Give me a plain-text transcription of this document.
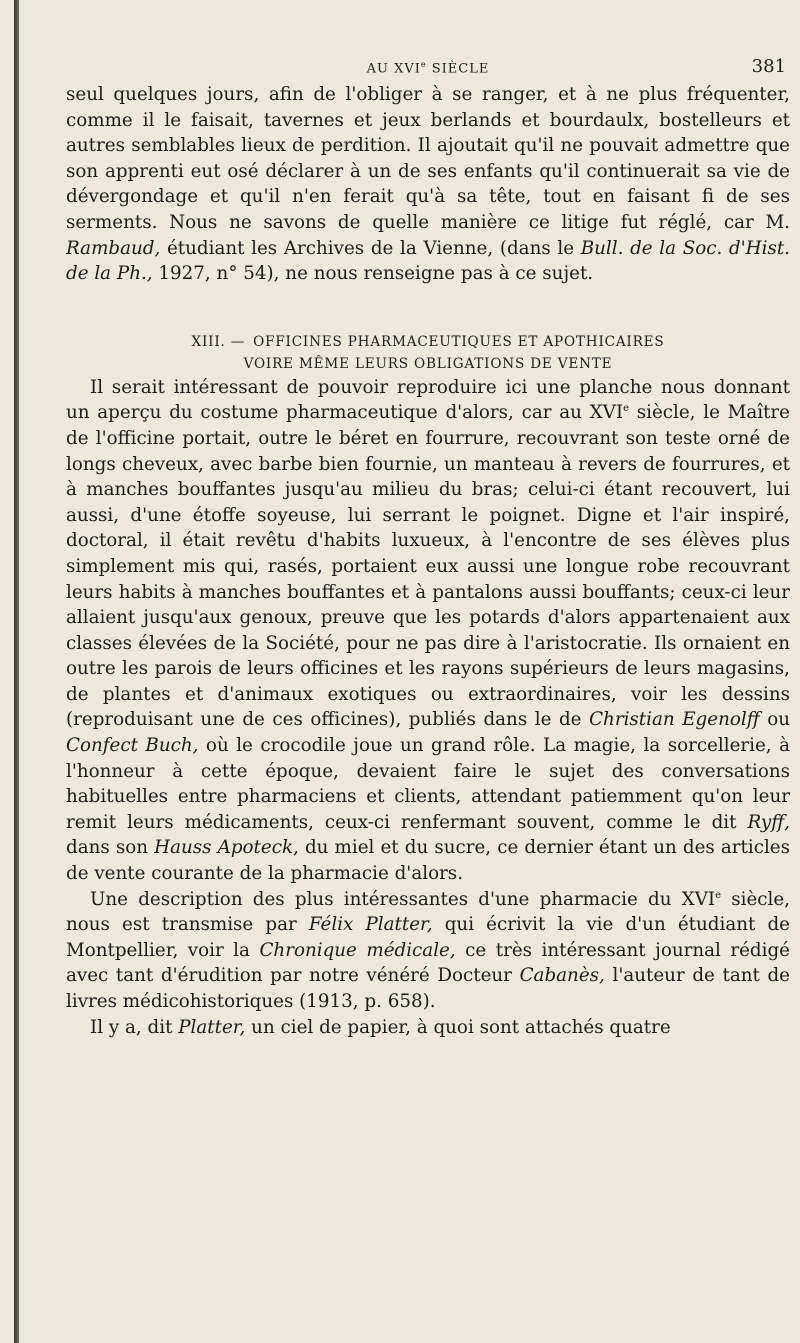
AU XVIe SIÈCLE	381

seul quelques jours, afin de l'obliger à se ranger, et à ne plus fréquenter, comme il le faisait, tavernes et jeux berlands et bourdaulx, bostelleurs et autres semblables lieux de perdition. Il ajoutait qu'il ne pouvait admettre que son apprenti eut osé déclarer à un de ses enfants qu'il continuerait sa vie de dévergondage et qu'il n'en ferait qu'à sa tête, tout en faisant fi de ses serments. Nous ne savons de quelle manière ce litige fut réglé, car M. Rambaud, étudiant les Archives de la Vienne, (dans le Bull. de la Soc. d'Hist. de la Ph., 1927, n° 54), ne nous renseigne pas à ce sujet.

XIII. — OFFICINES PHARMACEUTIQUES ET APOTHICAIRES
VOIRE MÊME LEURS OBLIGATIONS DE VENTE

Il serait intéressant de pouvoir reproduire ici une planche nous donnant un aperçu du costume pharmaceutique d'alors, car au XVIe siècle, le Maître de l'officine portait, outre le béret en fourrure, recouvrant son teste orné de longs cheveux, avec barbe bien fournie, un manteau à revers de fourrures, et à manches bouffantes jusqu'au milieu du bras; celui-ci étant recouvert, lui aussi, d'une étoffe soyeuse, lui serrant le poignet. Digne et l'air inspiré, doctoral, il était revêtu d'habits luxueux, à l'encontre de ses élèves plus simplement mis qui, rasés, portaient eux aussi une longue robe recouvrant leurs habits à manches bouffantes et à pantalons aussi bouffants; ceux-ci leur allaient jusqu'aux genoux, preuve que les potards d'alors appartenaient aux classes élevées de la Société, pour ne pas dire à l'aristocratie. Ils ornaient en outre les parois de leurs officines et les rayons supérieurs de leurs magasins, de plantes et d'animaux exotiques ou extraordinaires, voir les dessins (reproduisant une de ces officines), publiés dans le de Christian Egenolff ou Confect Buch, où le crocodile joue un grand rôle. La magie, la sorcellerie, à l'honneur à cette époque, devaient faire le sujet des conversations habituelles entre pharmaciens et clients, attendant patiemment qu'on leur remit leurs médicaments, ceux-ci renfermant souvent, comme le dit Ryff, dans son Hauss Apoteck, du miel et du sucre, ce dernier étant un des articles de vente courante de la pharmacie d'alors.

Une description des plus intéressantes d'une pharmacie du XVIe siècle, nous est transmise par Félix Platter, qui écrivit la vie d'un étudiant de Montpellier, voir la Chronique médicale, ce très intéressant journal rédigé avec tant d'érudition par notre vénéré Docteur Cabanès, l'auteur de tant de livres médicohistoriques (1913, p. 658).

Il y a, dit Platter, un ciel de papier, à quoi sont attachés quatre
